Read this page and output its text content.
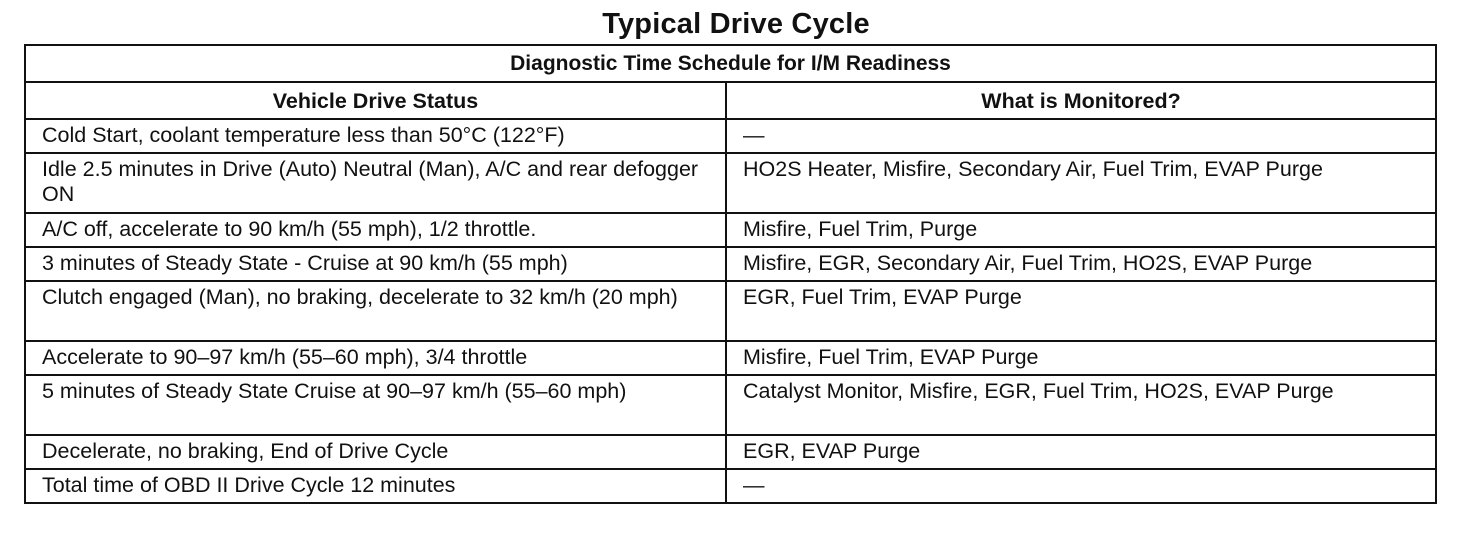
Typical Drive Cycle
Diagnostic Time Schedule for I/M Readiness	
Vehicle Drive Status	What is Monitored?
Cold Start, coolant temperature less than 50°C (122°F)	—
Idle 2.5 minutes in Drive (Auto) Neutral (Man), A/C and rear defogger ON	HO2S Heater, Misfire, Secondary Air, Fuel Trim, EVAP Purge
A/C off, accelerate to 90 km/h (55 mph), 1/2 throttle.	Misfire, Fuel Trim, Purge
3 minutes of Steady State - Cruise at 90 km/h (55 mph)	Misfire, EGR, Secondary Air, Fuel Trim, HO2S, EVAP Purge
Clutch engaged (Man), no braking, decelerate to 32 km/h (20 mph)	EGR, Fuel Trim, EVAP Purge
Accelerate to 90–97 km/h (55–60 mph), 3/4 throttle	Misfire, Fuel Trim, EVAP Purge
5 minutes of Steady State Cruise at 90–97 km/h (55–60 mph)	Catalyst Monitor, Misfire, EGR, Fuel Trim, HO2S, EVAP Purge
Decelerate, no braking, End of Drive Cycle	EGR, EVAP Purge
Total time of OBD II Drive Cycle 12 minutes	—
